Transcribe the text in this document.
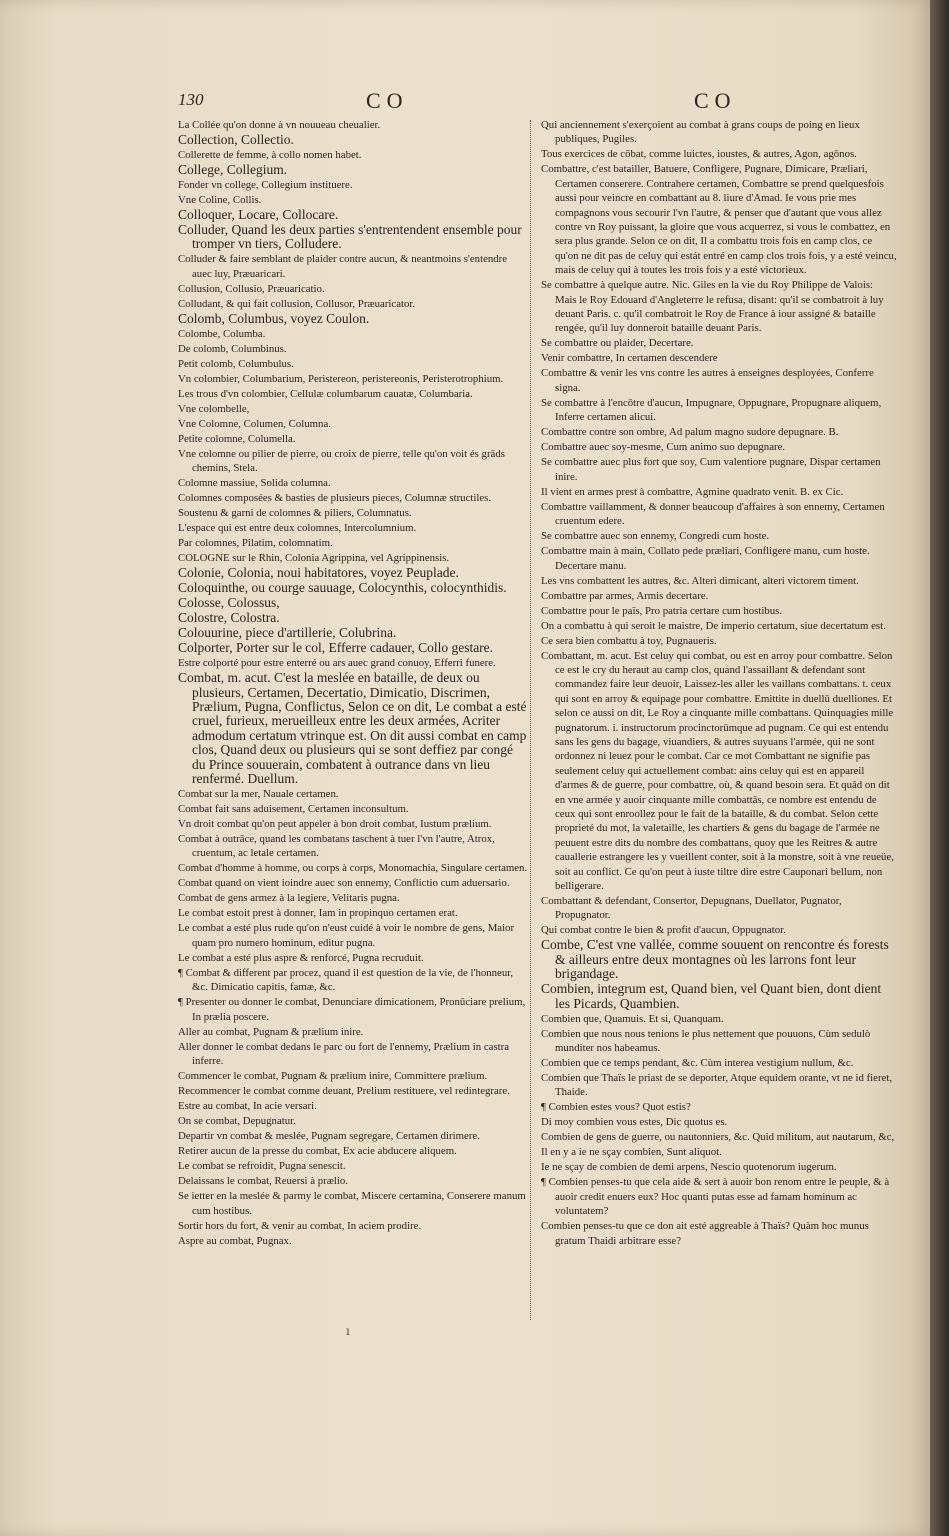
130	CO	CO
La Collée qu'on donne à vn nouueau cheualier.
Collection, Collectio.
Collerette de femme, à collo nomen habet.
College, Collegium.
Fonder vn college, Collegium instituere.
Vne Coline, Collis.
Colloquer, Locare, Collocare.
Colluder, Quand les deux parties s'entrentendent ensemble pour tromper vn tiers, Colludere.
Colluder & faire semblant de plaider contre aucun, & neantmoins s'entendre auec luy, Præuaricari.
Collusion, Collusio, Præuaricatio.
Colludant, & qui fait collusion, Collusor, Præuaricator.
Colomb, Columbus, voyez Coulon.
Colombe, Columba.
De colomb, Columbinus.
Petit colomb, Columbulus.
Vn colombier, Columbarium, Peristereon, peristereonis, Peristerotrophium.
Les trous d'vn colombier, Cellulæ columbarum cauatæ, Columbaria.
Vne colombelle,
Vne Colomne, Columen, Columna.
Petite colomne, Columella.
Vne colomne ou pilier de pierre, ou croix de pierre, telle qu'on voit és grāds chemins, Stela.
Colomne massiue, Solida columna.
Colomnes composées & basties de plusieurs pieces, Columnæ structiles.
Soustenu & garni de colomnes & piliers, Columnatus.
L'espace qui est entre deux colomnes, Intercolumnium.
Par colomnes, Pilatim, colomnatim.
COLOGNE sur le Rhin, Colonia Agrippina, vel Agrippinensis.
Colonie, Colonia, noui habitatores, voyez Peuplade.
Coloquinthe, ou courge sauuage, Colocynthis, colocynthidis.
Colosse, Colossus,
Colostre, Colostra.
Colouurine, piece d'artillerie, Colubrina.
Colporter, Porter sur le col, Efferre cadauer, Collo gestare.
Estre colporté pour estre enterré ou ars auec grand conuoy, Efferri funere.
Combat, m. acut. C'est la meslée en bataille, de deux ou plusieurs, Certamen, Decertatio, Dimicatio, Discrimen, Prælium, Pugna, Conflictus, Selon ce on dit, Le combat a esté cruel, furieux, merueilleux entre les deux armées, Acriter admodum certatum vtrinque est. On dit aussi combat en camp clos, Quand deux ou plusieurs qui se sont deffiez par congé du Prince souuerain, combatent à outrance dans vn lieu renfermé. Duellum.
Combat sur la mer, Naualе certamen.
Combat fait sans aduisement, Certamen inconsultum.
Vn droit combat qu'on peut appeler à bon droit combat, Iustum prælium.
Combat à outrāce, quand les combatans taschent à tuer l'vn l'autre, Atrox, cruentum, ac letale certamen.
Combat d'homme à homme, ou corps à corps, Monomachia, Singulare certamen.
Combat quand on vient ioindre auec son ennemy, Conflictio cum aduersario.
Combat de gens armez à la legiere, Velitaris pugna.
Le combat estoit prest à donner, Iam in propinquo certamen erat.
Le combat a esté plus rude qu'on n'eust cuidé à voir le nombre de gens, Maior quam pro numero hominum, editur pugna.
Le combat a esté plus aspre & renforcé, Pugna recruduit.
¶ Combat & different par procez, quand il est question de la vie, de l'honneur, &c. Dimicatio capitis, famæ, &c.
¶ Presenter ou donner le combat, Denunciare dimicationem, Pronūciare prelium, In prælia poscere.
Aller au combat, Pugnam & prælium inire.
Aller donner le combat dedans le parc ou fort de l'ennemy, Prælium in castra inferre.
Commencer le combat, Pugnam & prælium inire, Committere prælium.
Recommencer le combat comme deuant, Prelium restituere, vel redintegrare.
Estre au combat, In acie versari.
On se combat, Depugnatur.
Departir vn combat & meslée, Pugnam segregare, Certamen dirimere.
Retirer aucun de la presse du combat, Ex acie abducere aliquem.
Le combat se refroidit, Pugna senescit.
Delaissans le combat, Reuersi à prælio.
Se ietter en la meslée & parmy le combat, Miscere certamina, Conserere manum cum hostibus.
Sortir hors du fort, & venir au combat, In aciem prodire.
Aspre au combat, Pugnax.
Qui anciennement s'exerçoient au combat à grans coups de poing en lieux publiques, Pugiles.
Tous exercices de cõbat, comme luictes, ioustes, & autres, Agon, agōnos.
Combattre, c'est batailler, Batuere, Confligere, Pugnare, Dimicare, Præliari, Certamen conserere. Contrahere certamen, Combattre se prend quelquesfois aussi pour veincre en combattant au 8. liure d'Amad. Ie vous prie mes compagnons vous secourir l'vn l'autre, & penser que d'autant que vous allez contre vn Roy puissant, la gloire que vous acquerrez, si vous le combattez, en sera plus grande. Selon ce on dit, Il a combattu trois fois en camp clos, ce qu'on ne dit pas de celuy qui estát entré en camp clos trois fois, y a esté veincu, mais de celuy qui à toutes les trois fois y a esté victorieux.
Se combattre à quelque autre. Nic. Giles en la vie du Roy Philippe de Valois: Mais le Roy Edouard d'Angleterre le refusa, disant: qu'il se combatroit à luy deuant Paris. c. qu'il combatroit le Roy de France à iour assigné & bataille rengée, qu'il luy donneroit bataille deuant Paris.
Se combattre ou plaider, Decertare.
Venir combattre, In certamen descendere
Combattre & venir les vns contre les autres à enseignes desployées, Conferre signa.
Se combattre à l'encōtre d'aucun, Impugnare, Oppugnare, Propugnare aliquem, Inferre certamen alicui.
Combattre contre son ombre, Ad palum magno sudore depugnare. B.
Combattre auec soy-mesme, Cum animo suo depugnare.
Se combattre auec plus fort que soy, Cum valentiore pugnare, Dispar certamen inire.
Il vient en armes prest à combattre, Agmine quadrato venit. B. ex Cic.
Combattre vaillamment, & donner beaucoup d'affaires à son ennemy, Certamen cruentum edere.
Se combattre auec son ennemy, Congredi cum hoste.
Combattre main à main, Collato pede præliari, Confligere manu, cum hoste. Decertare manu.
Les vns combattent les autres, &c. Alteri dimicant, alteri victorem timent.
Combattre par armes, Armis decertare.
Combattre pour le païs, Pro patria certare cum hostibus.
On a combattu à qui seroit le maistre, De imperio certatum, siue decertatum est.
Ce sera bien combattu à toy, Pugnaueris.
Combattant, m. acut. Est celuy qui combat, ou est en arroy pour combattre. Selon ce est le cry du heraut au camp clos, quand l'assaillant & defendant sont commandez faire leur deuoir, Laissez-les aller les vaillans combattans. t. ceux qui sont en arroy & equipage pour combattre. Emittite in duellū duelliones. Et selon ce aussi on dit, Le Roy a cinquante mille combattans. Quinquagies mille pugnatorum. i. instructorum procinctorūmque ad pugnam. Ce qui est entendu sans les gens du bagage, viuandiers, & autres suyuans l'armée, qui ne sont ordonnez ni leuez pour le combat. Car ce mot Combattant ne signifie pas seulement celuy qui actuellement combat: ains celuy qui est en appareil d'armes & de guerre, pour combattre, où, & quand besoin sera. Et quād on dit en vne armée y auoir cinquante mille combattās, ce nombre est entendu de ceux qui sont enroollez pour le fait de la bataille, & du combat. Selon cette proprieté du mot, la valetaille, les chartiers & gens du bagage de l'armée ne peuuent estre dits du nombre des combattans, quoy que les Reitres & autre cauallerie estrangere les y vueillent conter, soit à la monstre, soit à vne reueüe, soit au conflict. Ce qu'on peut à iuste tiltre dire estre Cauponari bellum, non belligerare.
Combattant & defendant, Consertor, Depugnans, Duellator, Pugnator, Propugnator.
Qui combat contre le bien & profit d'aucun, Oppugnator.
Combe, C'est vne vallée, comme souuent on rencontre és forests & ailleurs entre deux montagnes où les larrons font leur brigandage.
Combien, integrum est, Quand bien, vel Quant bien, dont dient les Picards, Quambien.
Combien que, Quamuis. Et si, Quanquam.
Combien que nous nous tenions le plus nettement que pouuons, Cùm sedulò munditer nos habeamus.
Combien que ce temps pendant, &c. Cùm interea vestigium nullum, &c.
Combien que Thaïs le priast de se deporter, Atque equidem orante, vt ne id fieret, Thaide.
¶ Combien estes vous? Quot estis?
Di moy combien vous estes, Dic quotus es.
Combien de gens de guerre, ou nautonniers, &c. Quid militum, aut nautarum, &c,
Il en y a ie ne sçay combien, Sunt aliquot.
Ie ne sçay de combien de demi arpens, Nescio quotenorum iugerum.
¶ Combien penses-tu que cela aide & sert à auoir bon renom entre le peuple, & à auoir credit enuers eux? Hoc quanti putas esse ad famam hominum ac voluntatem?
Combien penses-tu que ce don ait esté aggreable à Thaïs? Quàm hoc munus gratum Thaidi arbitrare esse?
ı
